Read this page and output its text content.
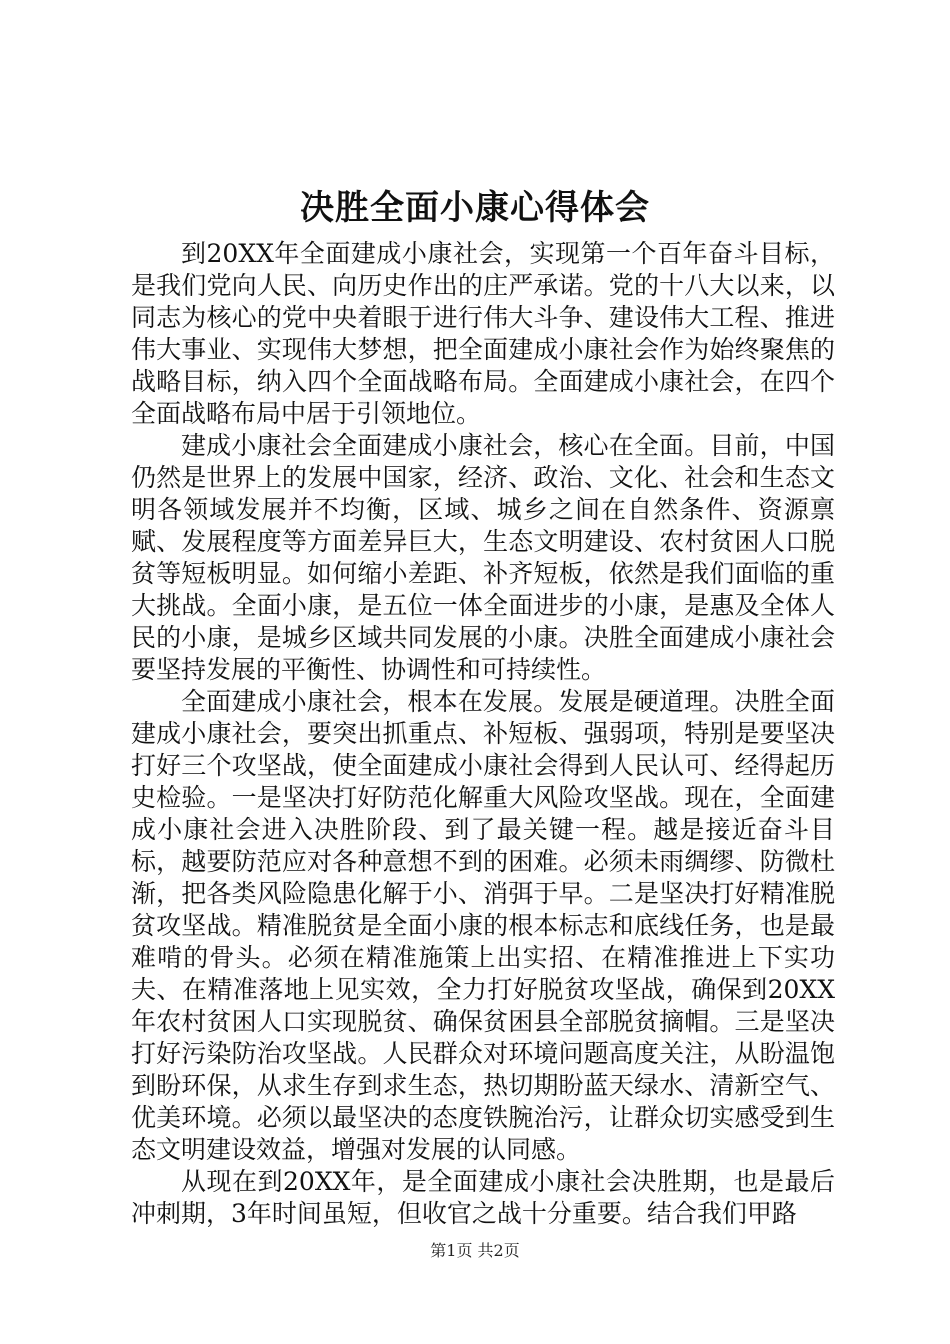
决胜全面小康心得体会

到20XX年全面建成小康社会，实现第一个百年奋斗目标，是我们党向人民、向历史作出的庄严承诺。党的十八大以来，以同志为核心的党中央着眼于进行伟大斗争、建设伟大工程、推进伟大事业、实现伟大梦想，把全面建成小康社会作为始终聚焦的战略目标，纳入四个全面战略布局。全面建成小康社会，在四个全面战略布局中居于引领地位。

建成小康社会全面建成小康社会，核心在全面。目前，中国仍然是世界上的发展中国家，经济、政治、文化、社会和生态文明各领域发展并不均衡，区域、城乡之间在自然条件、资源禀赋、发展程度等方面差异巨大，生态文明建设、农村贫困人口脱贫等短板明显。如何缩小差距、补齐短板，依然是我们面临的重大挑战。全面小康，是五位一体全面进步的小康，是惠及全体人民的小康，是城乡区域共同发展的小康。决胜全面建成小康社会要坚持发展的平衡性、协调性和可持续性。

全面建成小康社会，根本在发展。发展是硬道理。决胜全面建成小康社会，要突出抓重点、补短板、强弱项，特别是要坚决打好三个攻坚战，使全面建成小康社会得到人民认可、经得起历史检验。一是坚决打好防范化解重大风险攻坚战。现在，全面建成小康社会进入决胜阶段、到了最关键一程。越是接近奋斗目标，越要防范应对各种意想不到的困难。必须未雨绸缪、防微杜渐，把各类风险隐患化解于小、消弭于早。二是坚决打好精准脱贫攻坚战。精准脱贫是全面小康的根本标志和底线任务，也是最难啃的骨头。必须在精准施策上出实招、在精准推进上下实功夫、在精准落地上见实效，全力打好脱贫攻坚战，确保到20XX年农村贫困人口实现脱贫、确保贫困县全部脱贫摘帽。三是坚决打好污染防治攻坚战。人民群众对环境问题高度关注，从盼温饱到盼环保，从求生存到求生态，热切期盼蓝天绿水、清新空气、优美环境。必须以最坚决的态度铁腕治污，让群众切实感受到生态文明建设效益，增强对发展的认同感。

从现在到20XX年，是全面建成小康社会决胜期，也是最后冲刺期，3年时间虽短，但收官之战十分重要。结合我们甲路

第1页 共2页
